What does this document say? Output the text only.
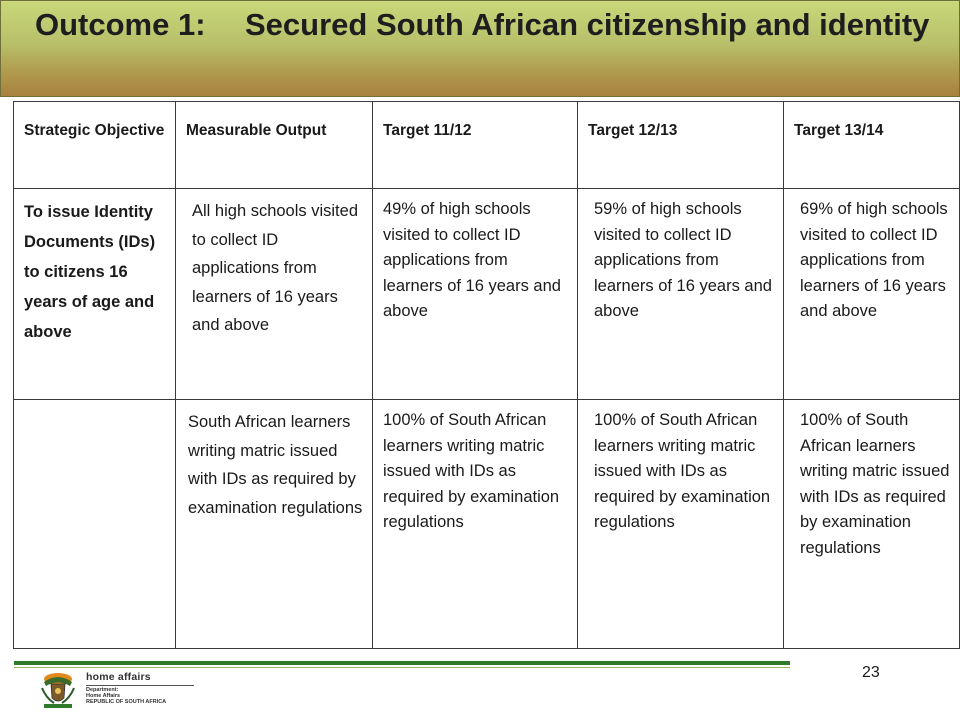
Outcome 1: Secured South African citizenship and identity
Strategic Objective	Measurable Output	Target 11/12	Target 12/13	Target 13/14
To issue Identity Documents (IDs) to citizens 16 years of age and above	All high schools visited to collect ID applications from learners of 16 years and above	49% of high schools visited to collect ID applications from learners of 16 years and above	59% of high schools visited to collect ID applications from learners of 16 years and above	69% of high schools visited to collect ID applications from learners of 16 years and above
	South African learners writing matric issued with IDs as required by examination regulations	100% of South African learners writing matric issued with IDs as required by examination regulations	100% of South African learners writing matric issued with IDs as required by examination regulations	100% of South African learners writing matric issued with IDs as required by examination regulations
23
home affairs
Department:
Home Affairs
REPUBLIC OF SOUTH AFRICA
